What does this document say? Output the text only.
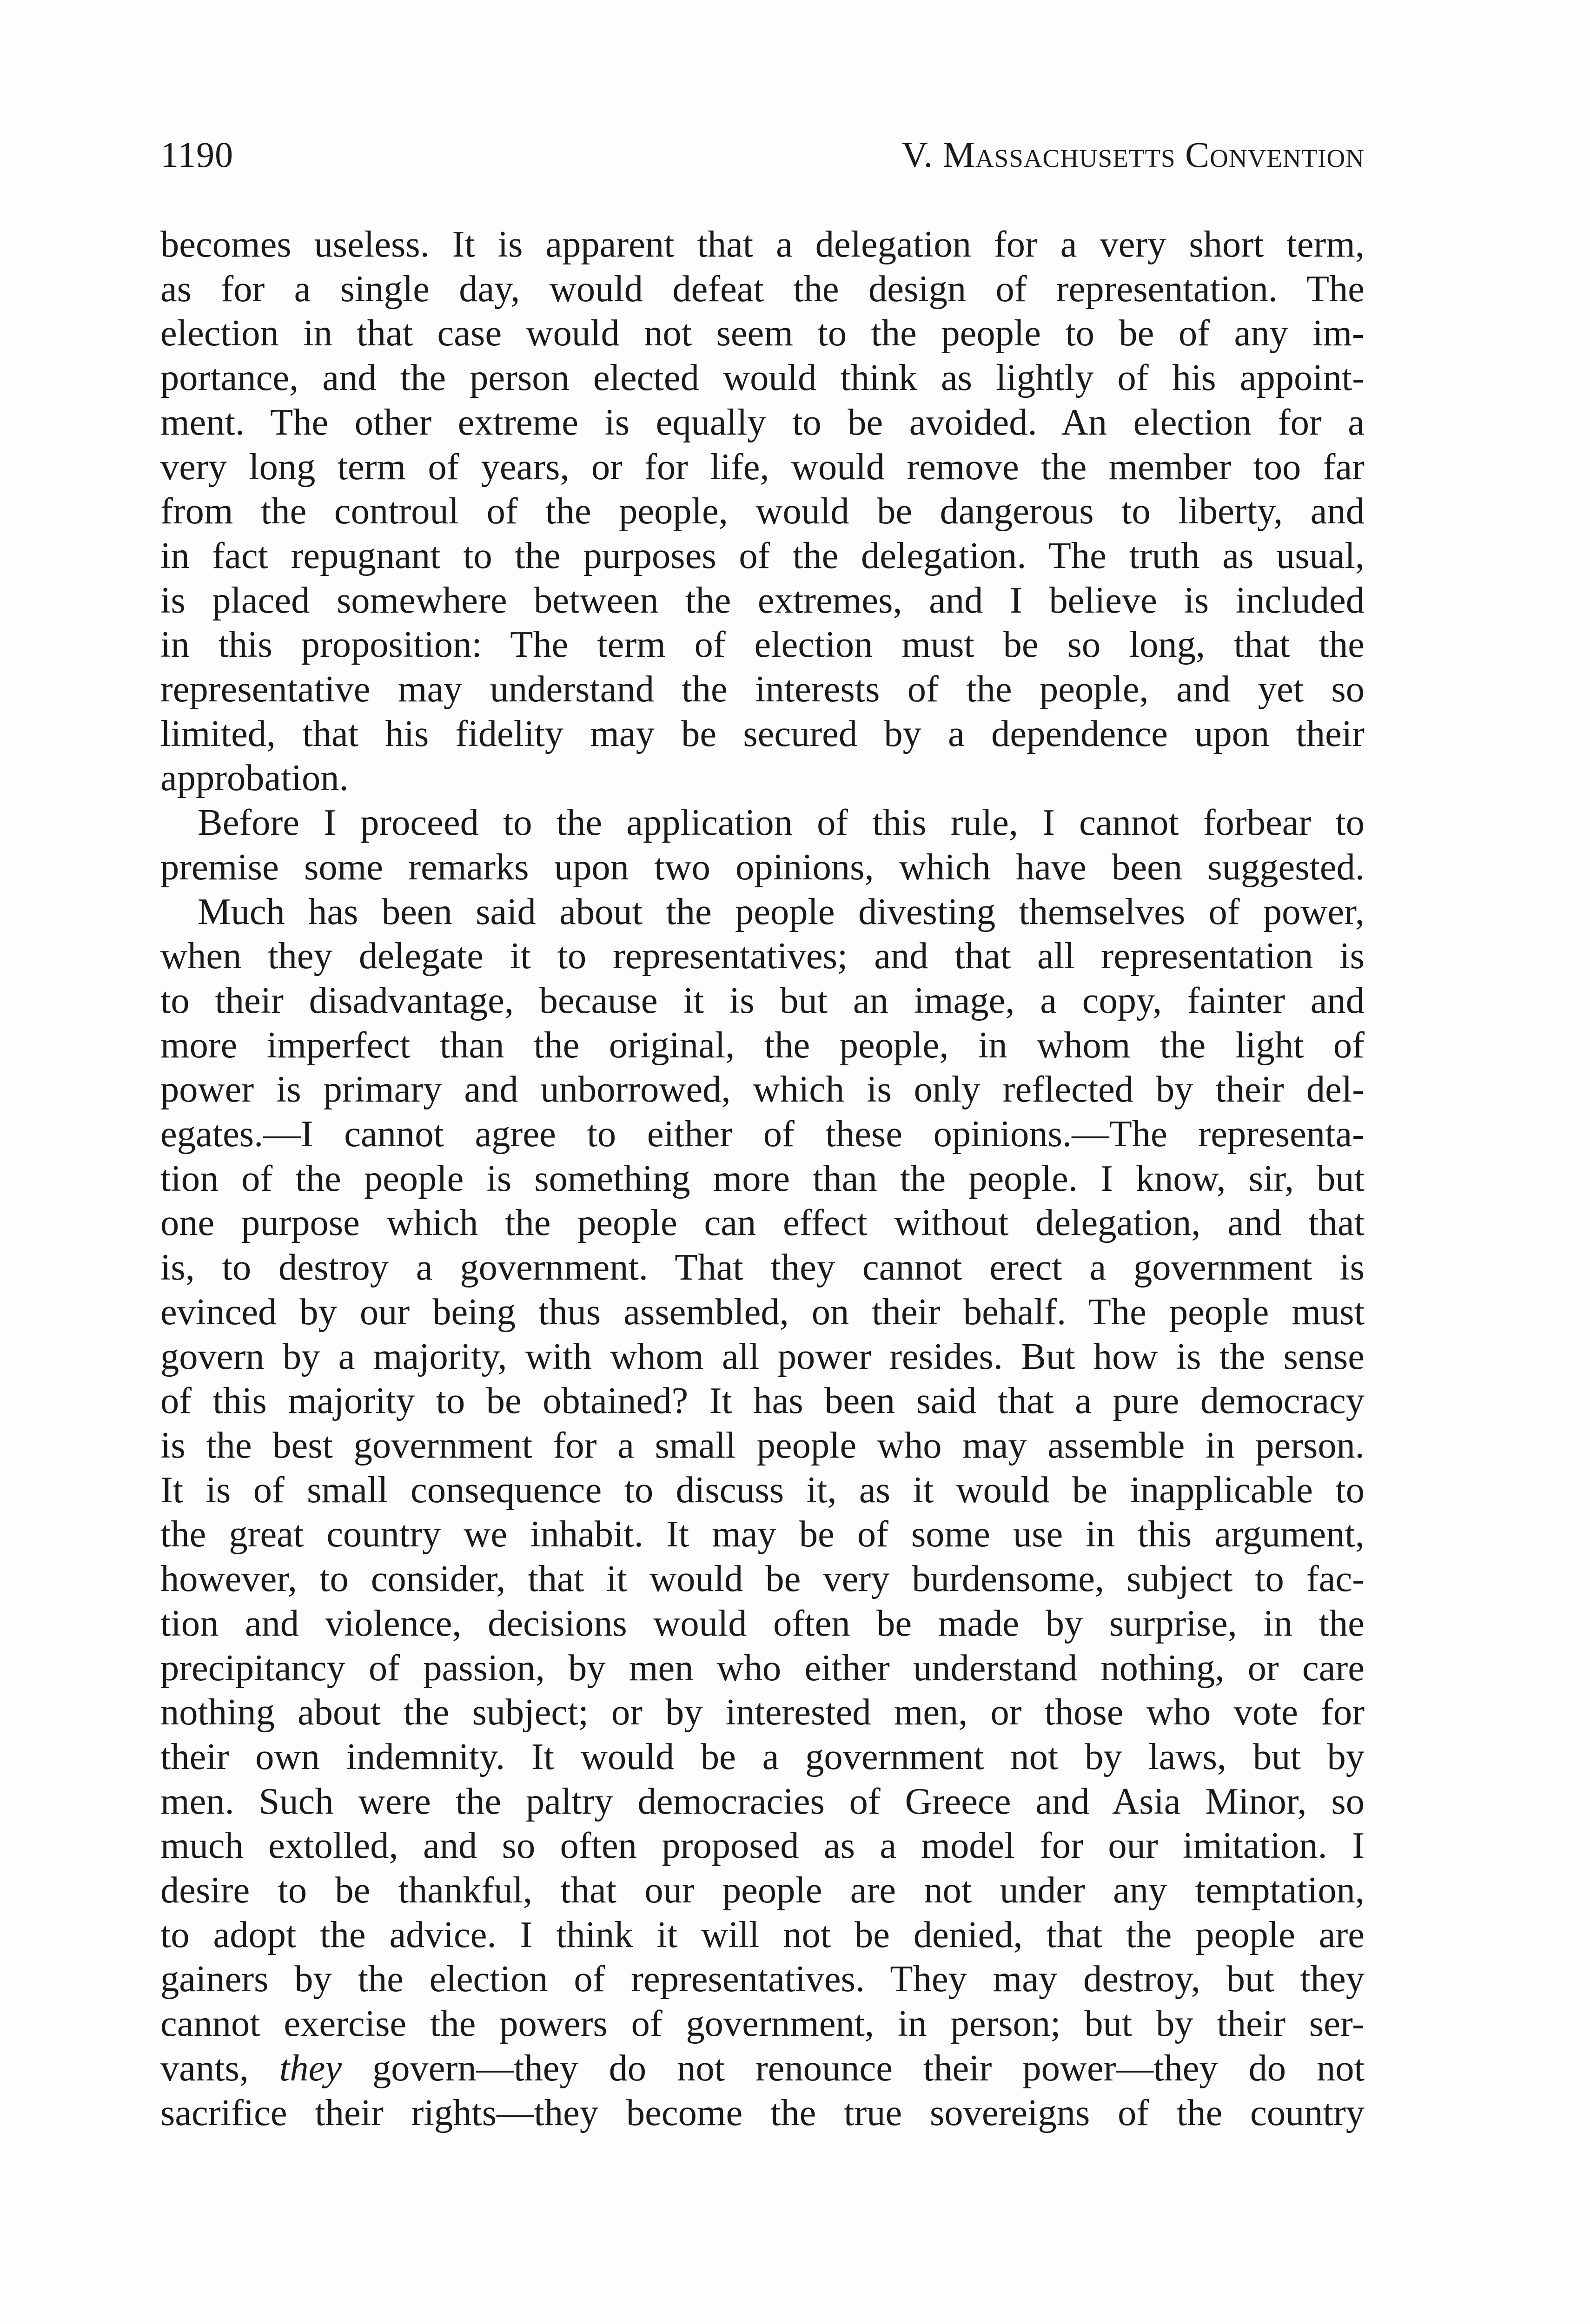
1190	V. Massachusetts Convention

becomes useless. It is apparent that a delegation for a very short term,
as for a single day, would defeat the design of representation. The
election in that case would not seem to the people to be of any im-
portance, and the person elected would think as lightly of his appoint-
ment. The other extreme is equally to be avoided. An election for a
very long term of years, or for life, would remove the member too far
from the controul of the people, would be dangerous to liberty, and
in fact repugnant to the purposes of the delegation. The truth as usual,
is placed somewhere between the extremes, and I believe is included
in this proposition: The term of election must be so long, that the
representative may understand the interests of the people, and yet so
limited, that his fidelity may be secured by a dependence upon their
approbation.

Before I proceed to the application of this rule, I cannot forbear to
premise some remarks upon two opinions, which have been suggested.

Much has been said about the people divesting themselves of power,
when they delegate it to representatives; and that all representation is
to their disadvantage, because it is but an image, a copy, fainter and
more imperfect than the original, the people, in whom the light of
power is primary and unborrowed, which is only reflected by their del-
egates.—I cannot agree to either of these opinions.—The representa-
tion of the people is something more than the people. I know, sir, but
one purpose which the people can effect without delegation, and that
is, to destroy a government. That they cannot erect a government is
evinced by our being thus assembled, on their behalf. The people must
govern by a majority, with whom all power resides. But how is the sense
of this majority to be obtained? It has been said that a pure democracy
is the best government for a small people who may assemble in person.
It is of small consequence to discuss it, as it would be inapplicable to
the great country we inhabit. It may be of some use in this argument,
however, to consider, that it would be very burdensome, subject to fac-
tion and violence, decisions would often be made by surprise, in the
precipitancy of passion, by men who either understand nothing, or care
nothing about the subject; or by interested men, or those who vote for
their own indemnity. It would be a government not by laws, but by
men. Such were the paltry democracies of Greece and Asia Minor, so
much extolled, and so often proposed as a model for our imitation. I
desire to be thankful, that our people are not under any temptation,
to adopt the advice. I think it will not be denied, that the people are
gainers by the election of representatives. They may destroy, but they
cannot exercise the powers of government, in person; but by their ser-
vants, they govern—they do not renounce their power—they do not
sacrifice their rights—they become the true sovereigns of the country
